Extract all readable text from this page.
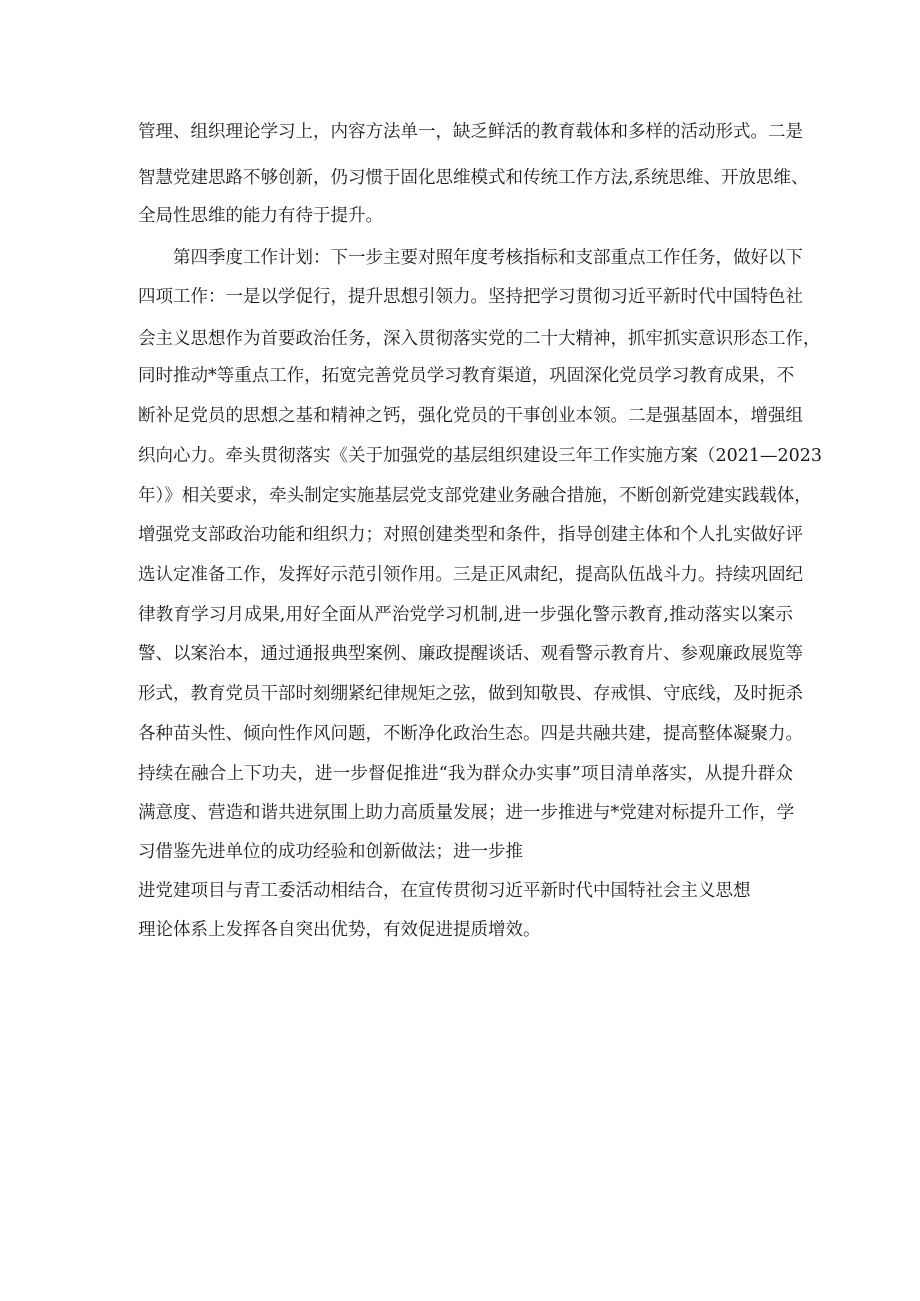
管理、组织理论学习上，内容方法单一，缺乏鲜活的教育载体和多样的活动形式。二是

智慧党建思路不够创新，仍习惯于固化思维模式和传统工作方法,系统思维、开放思维、

全局性思维的能力有待于提升。

第四季度工作计划：下一步主要对照年度考核指标和支部重点工作任务，做好以下

四项工作：一是以学促行，提升思想引领力。坚持把学习贯彻习近平新时代中国特色社

会主义思想作为首要政治任务，深入贯彻落实党的二十大精神，抓牢抓实意识形态工作，

同时推动*等重点工作，拓宽完善党员学习教育渠道，巩固深化党员学习教育成果，不

断补足党员的思想之基和精神之钙，强化党员的干事创业本领。二是强基固本，增强组

织向心力。牵头贯彻落实《关于加强党的基层组织建设三年工作实施方案（2021—2023

年）》相关要求，牵头制定实施基层党支部党建业务融合措施，不断创新党建实践载体，

增强党支部政治功能和组织力；对照创建类型和条件，指导创建主体和个人扎实做好评

选认定准备工作，发挥好示范引领作用。三是正风肃纪，提高队伍战斗力。持续巩固纪

律教育学习月成果,用好全面从严治党学习机制,进一步强化警示教育,推动落实以案示

警、以案治本，通过通报典型案例、廉政提醒谈话、观看警示教育片、参观廉政展览等

形式，教育党员干部时刻绷紧纪律规矩之弦，做到知敬畏、存戒惧、守底线，及时扼杀

各种苗头性、倾向性作风问题，不断净化政治生态。四是共融共建，提高整体凝聚力。

持续在融合上下功夫，进一步督促推进“我为群众办实事”项目清单落实，从提升群众

满意度、营造和谐共进氛围上助力高质量发展；进一步推进与*党建对标提升工作，学

习借鉴先进单位的成功经验和创新做法；进一步推

进党建项目与青工委活动相结合，在宣传贯彻习近平新时代中国特社会主义思想

理论体系上发挥各自突出优势，有效促进提质增效。
